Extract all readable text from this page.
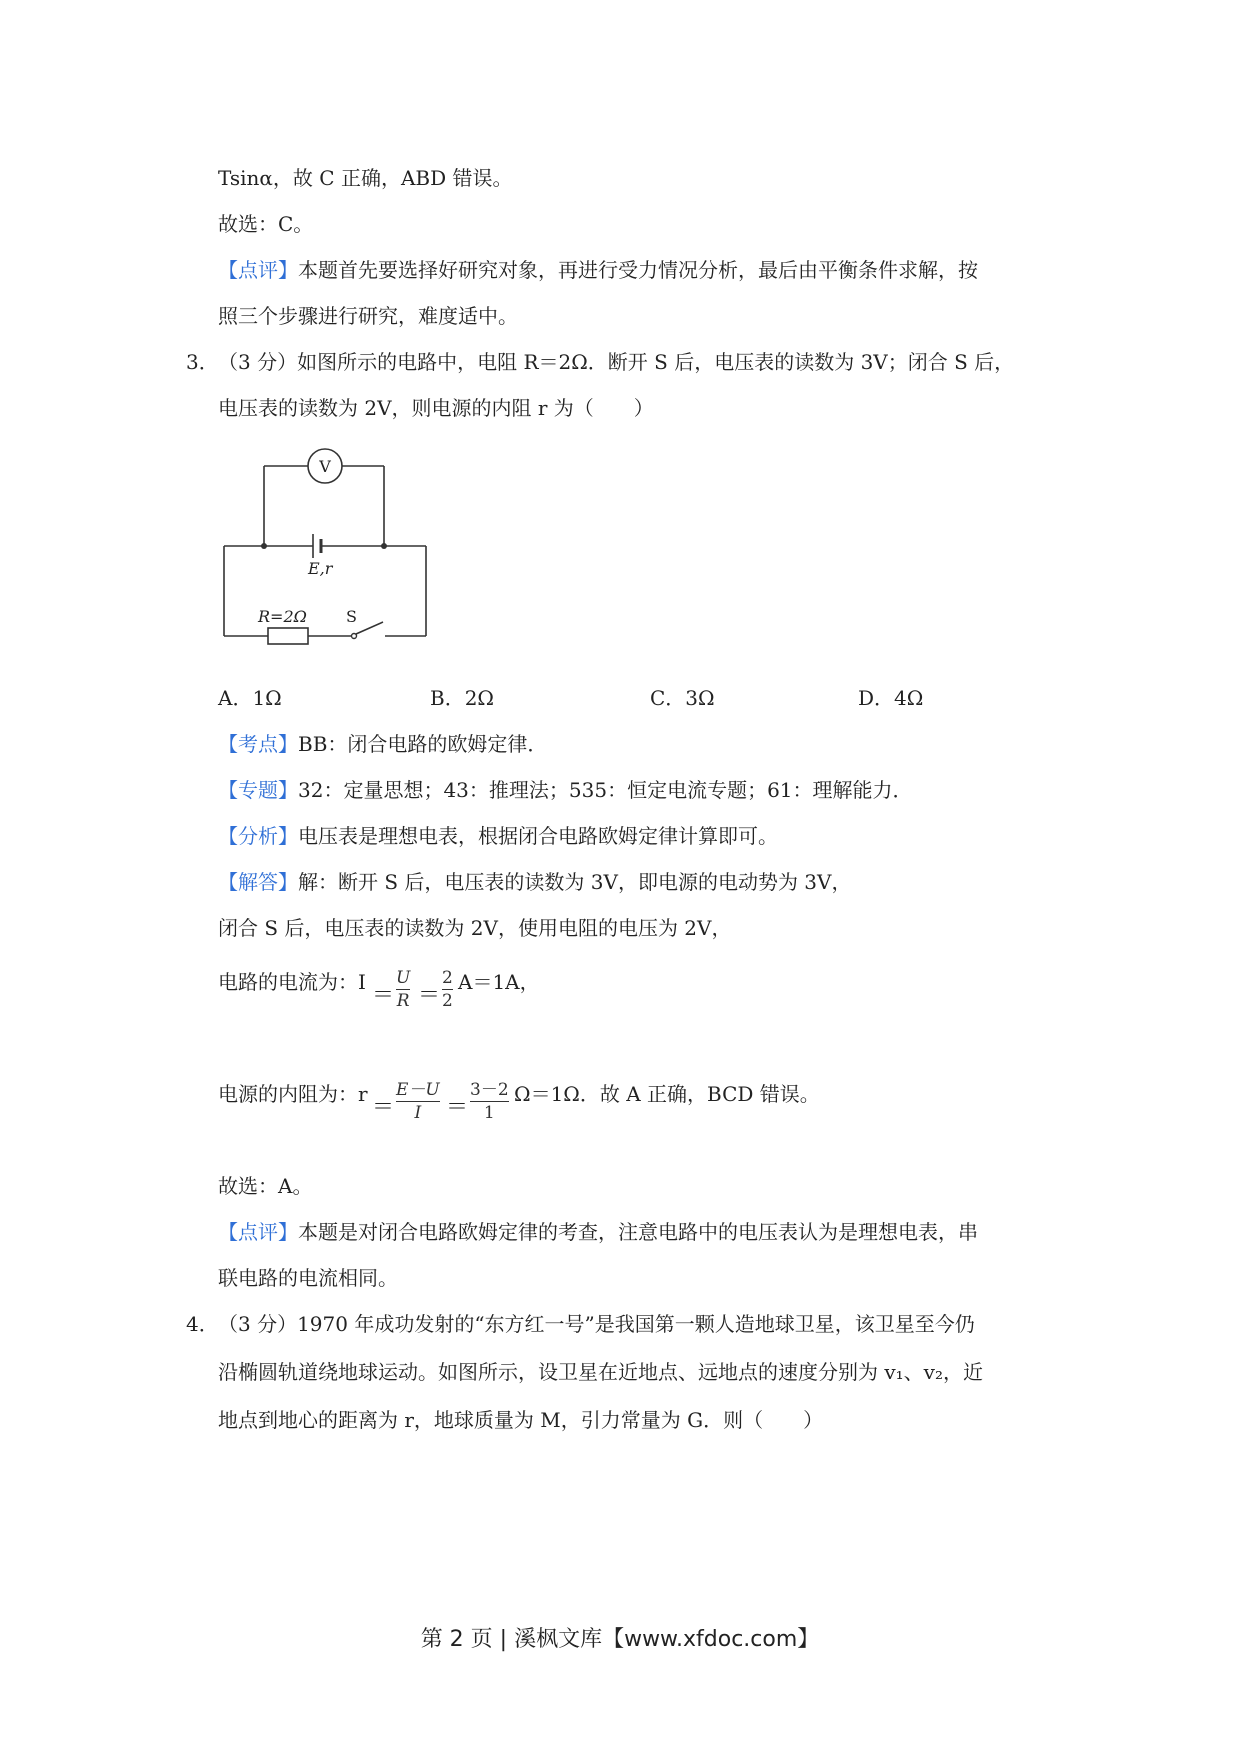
Tsinα，故 C 正确，ABD 错误。
故选：C。
【点评】本题首先要选择好研究对象，再进行受力情况分析，最后由平衡条件求解，按
照三个步骤进行研究，难度适中。
3． （3 分）如图所示的电路中，电阻 R＝2Ω．断开 S 后，电压表的读数为 3V；闭合 S 后，
电压表的读数为 2V，则电源的内阻 r 为（　　）
V
E,r
R=2Ω S
A．1Ω	B．2Ω	C．3Ω	D．4Ω
【考点】BB：闭合电路的欧姆定律．
【专题】32：定量思想；43：推理法；535：恒定电流专题；61：理解能力．
【分析】电压表是理想电表，根据闭合电路欧姆定律计算即可。
【解答】解：断开 S 后，电压表的读数为 3V，即电源的电动势为 3V，
闭合 S 后，电压表的读数为 2V，使用电阻的电压为 2V，
电路的电流为：I
＝
U
R ＝
2
2
A＝1A，
电源的内阻为：r
＝
E－U
I	＝
3－2
1
Ω＝1Ω．故 A 正确，BCD 错误。
故选：A。
【点评】本题是对闭合电路欧姆定律的考查，注意电路中的电压表认为是理想电表，串
联电路的电流相同。
4． （3 分）1970 年成功发射的“东方红一号”是我国第一颗人造地球卫星，该卫星至今仍
沿椭圆轨道绕地球运动。如图所示，设卫星在近地点、远地点的速度分别为 v₁、v₂，近
地点到地心的距离为 r，地球质量为 M，引力常量为 G．则（　　）
第 2 页 | 溪枫文库【www.xfdoc.com】
